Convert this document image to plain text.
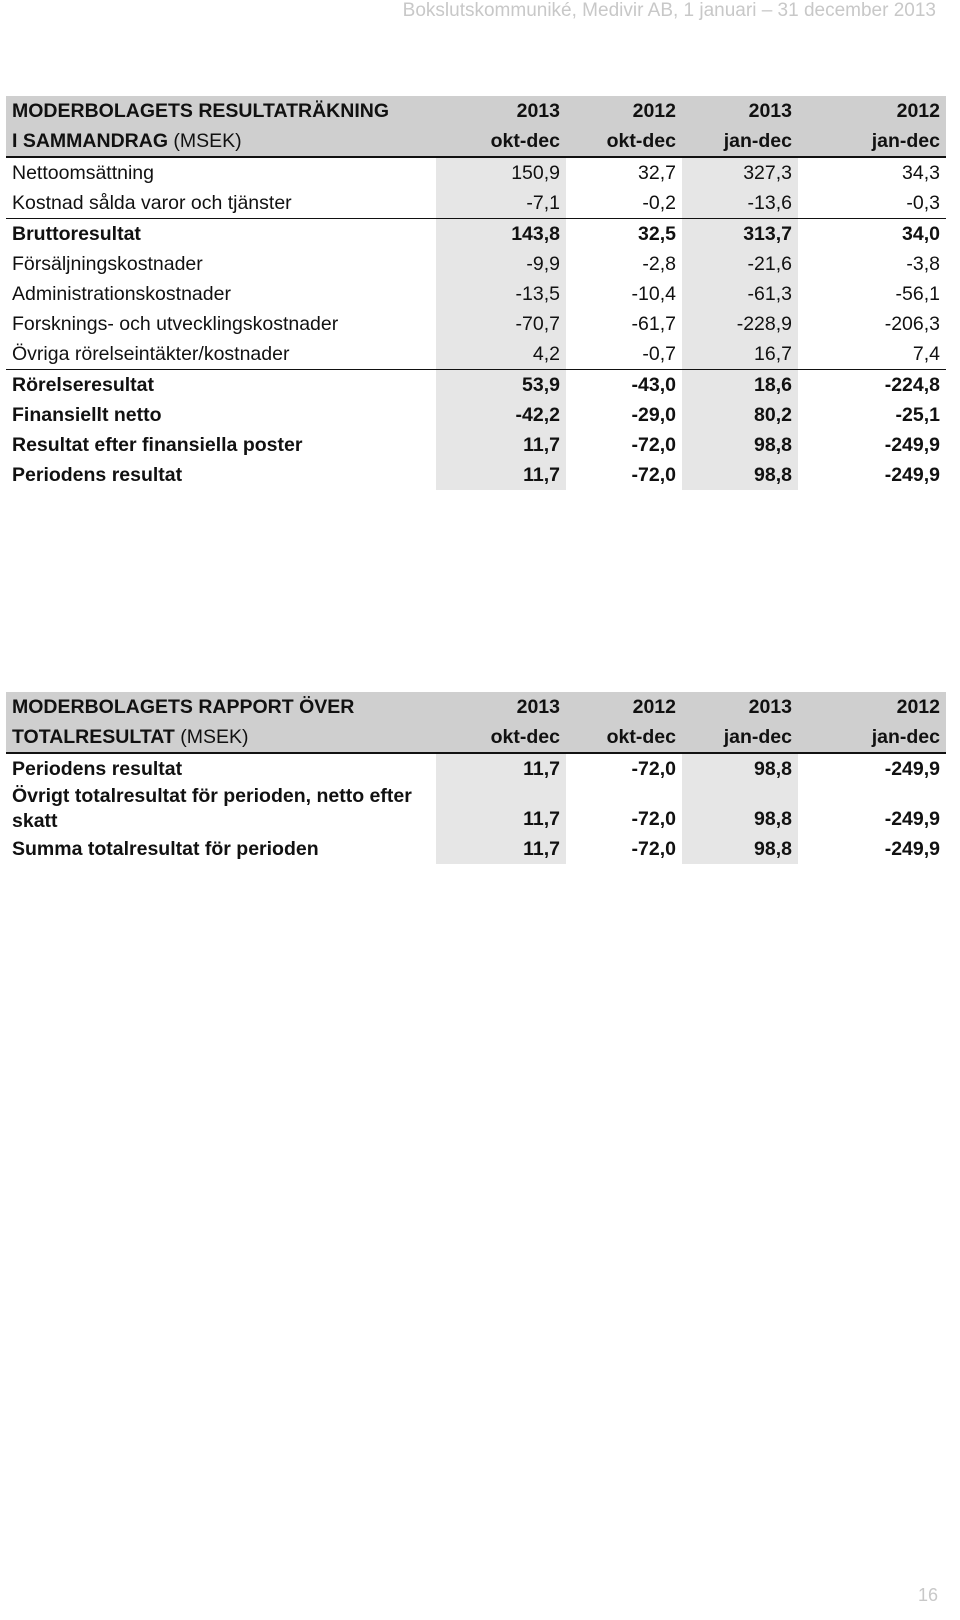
Bokslutskommuniké, Medivir AB, 1 januari – 31 december 2013
MODERBOLAGETS RESULTATRÄKNING	2013	2012	2013	2012
I SAMMANDRAG (MSEK)	okt-dec	okt-dec	jan-dec	jan-dec
Nettoomsättning	150,9	32,7	327,3	34,3
Kostnad sålda varor och tjänster	-7,1	-0,2	-13,6	-0,3
Bruttoresultat	143,8	32,5	313,7	34,0

Försäljningskostnader	-9,9	-2,8	-21,6	-3,8
Administrationskostnader	-13,5	-10,4	-61,3	-56,1
Forsknings- och utvecklingskostnader	-70,7	-61,7	-228,9	-206,3
Övriga rörelseintäkter/kostnader	4,2	-0,7	16,7	7,4
Rörelseresultat	53,9	-43,0	18,6	-224,8

Finansiellt netto	-42,2	-29,0	80,2	-25,1

Resultat efter finansiella poster	11,7	-72,0	98,8	-249,9

Periodens resultat	11,7	-72,0	98,8	-249,9
MODERBOLAGETS RAPPORT ÖVER	2013	2012	2013	2012
TOTALRESULTAT (MSEK)	okt-dec	okt-dec	jan-dec	jan-dec
Periodens resultat	11,7	-72,0	98,8	-249,9

Övrigt totalresultat för perioden, netto efter skatt	11,7	-72,0	98,8	-249,9

Summa totalresultat för perioden	11,7	-72,0	98,8	-249,9
16
